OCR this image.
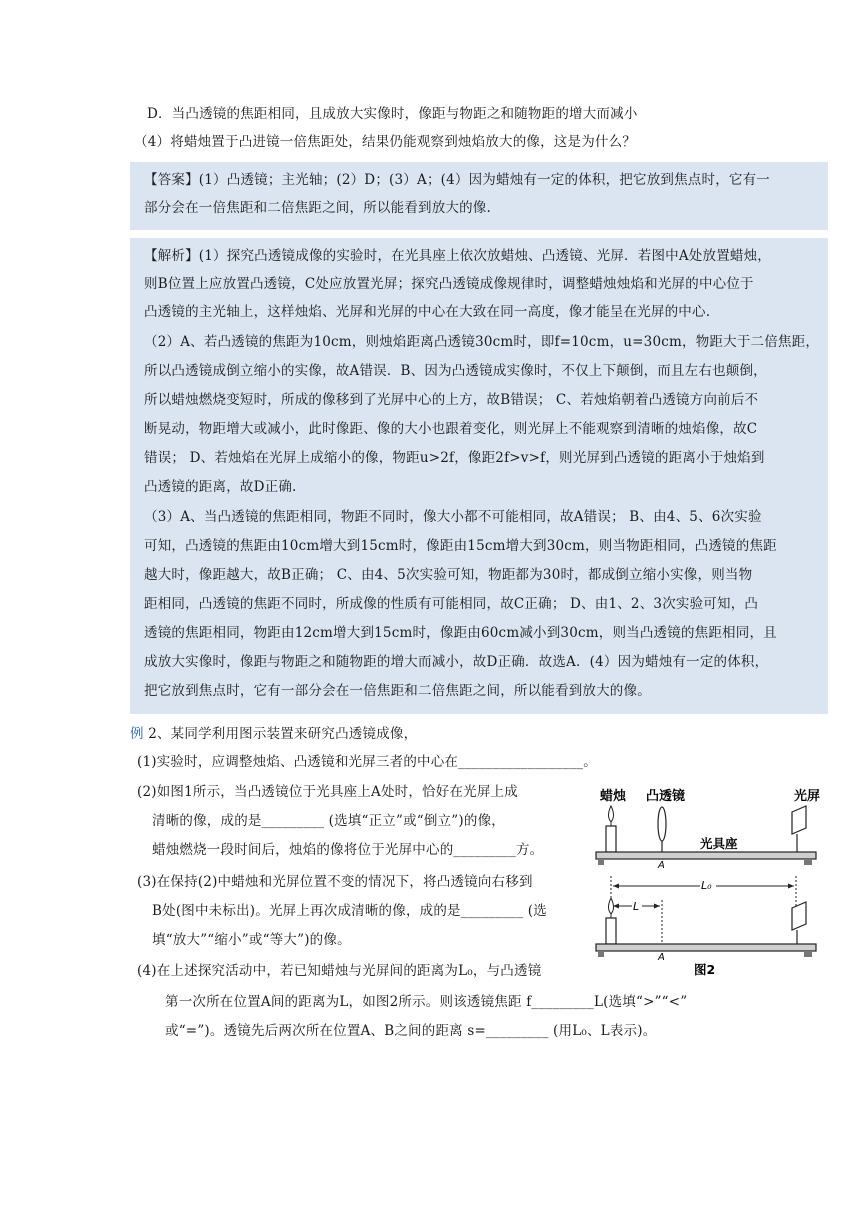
D．当凸透镜的焦距相同，且成放大实像时，像距与物距之和随物距的增大而减小
（4）将蜡烛置于凸进镜一倍焦距处，结果仍能观察到烛焰放大的像，这是为什么？
【答案】(1）凸透镜；主光轴；(2）D；(3）A；(4）因为蜡烛有一定的体积，把它放到焦点时，它有一
部分会在一倍焦距和二倍焦距之间，所以能看到放大的像.
【解析】(1）探究凸透镜成像的实验时，在光具座上依次放蜡烛、凸透镜、光屏．若图中A处放置蜡烛，
则B位置上应放置凸透镜，C处应放置光屏；探究凸透镜成像规律时，调整蜡烛烛焰和光屏的中心位于
凸透镜的主光轴上，这样烛焰、光屏和光屏的中心在大致在同一高度，像才能呈在光屏的中心.
（2）A、若凸透镜的焦距为10cm，则烛焰距离凸透镜30cm时，即f=10cm，u=30cm，物距大于二倍焦距，
所以凸透镜成倒立缩小的实像，故A错误．B、因为凸透镜成实像时，不仅上下颠倒，而且左右也颠倒，
所以蜡烛燃烧变短时，所成的像移到了光屏中心的上方，故B错误； C、若烛焰朝着凸透镜方向前后不
断晃动，物距增大或减小，此时像距、像的大小也跟着变化，则光屏上不能观察到清晰的烛焰像，故C
错误； D、若烛焰在光屏上成缩小的像，物距u>2f，像距2f>v>f，则光屏到凸透镜的距离小于烛焰到
凸透镜的距离，故D正确.
（3）A、当凸透镜的焦距相同，物距不同时，像大小都不可能相同，故A错误； B、由4、5、6次实验
可知，凸透镜的焦距由10cm增大到15cm时，像距由15cm增大到30cm，则当物距相同，凸透镜的焦距
越大时，像距越大，故B正确； C、由4、5次实验可知，物距都为30时，都成倒立缩小实像，则当物
距相同，凸透镜的焦距不同时，所成像的性质有可能相同，故C正确； D、由1、2、3次实验可知，凸
透镜的焦距相同，物距由12cm增大到15cm时，像距由60cm减小到30cm，则当凸透镜的焦距相同，且
成放大实像时，像距与物距之和随物距的增大而减小，故D正确．故选A．(4）因为蜡烛有一定的体积，
把它放到焦点时，它有一部分会在一倍焦距和二倍焦距之间，所以能看到放大的像。
例 2、某同学利用图示装置来研究凸透镜成像，
(1)实验时，应调整烛焰、凸透镜和光屏三者的中心在__________________。
(2)如图1所示，当凸透镜位于光具座上A处时，恰好在光屏上成
清晰的像，成的是_________ (选填“正立”或“倒立”)的像，
蜡烛燃烧一段时间后，烛焰的像将位于光屏中心的_________方。
(3)在保持(2)中蜡烛和光屏位置不变的情况下，将凸透镜向右移到
B处(图中未标出)。光屏上再次成清晰的像，成的是_________ (选
填“放大”“缩小”或“等大”)的像。
(4)在上述探究活动中，若已知蜡烛与光屏间的距离为L₀，与凸透镜
第一次所在位置A间的距离为L，如图2所示。则该透镜焦距 f_________L(选填“>”“<”
或“=”)。透镜先后两次所在位置A、B之间的距离 s=_________ (用L₀、L表示)。
蜡烛 凸透镜	光屏
光具座
A
L₀
L
A
图2
